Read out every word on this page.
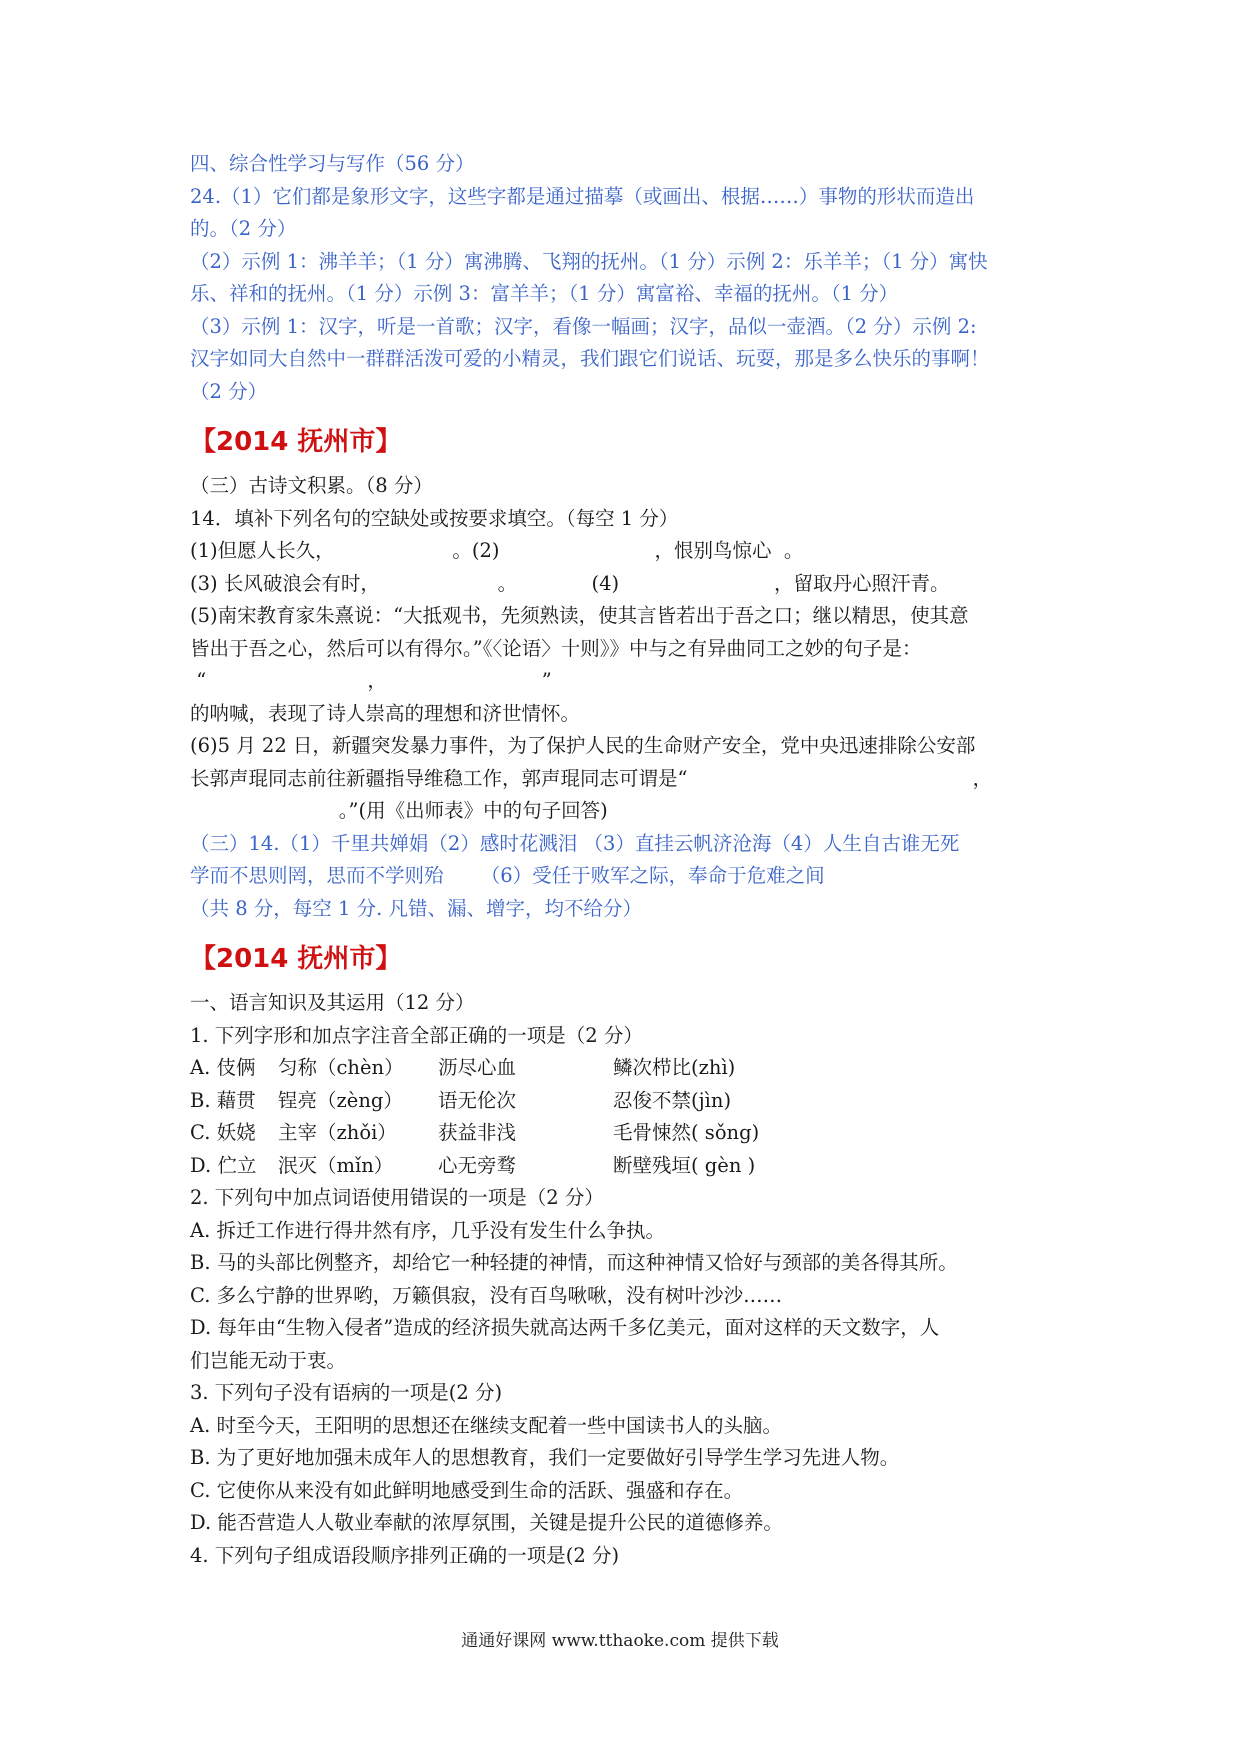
四、综合性学习与写作（56 分）

24.（1）它们都是象形文字，这些字都是通过描摹（或画出、根据……）事物的形状而造出

的。（2 分）

（2）示例 1：沸羊羊；（1 分）寓沸腾、飞翔的抚州。（1 分）示例 2：乐羊羊；（1 分）寓快

乐、祥和的抚州。（1 分）示例 3：富羊羊；（1 分）寓富裕、幸福的抚州。（1 分）

（3）示例 1：汉字，听是一首歌；汉字，看像一幅画；汉字，品似一壶酒。（2 分）示例 2:

汉字如同大自然中一群群活泼可爱的小精灵，我们跟它们说话、玩耍，那是多么快乐的事啊！

（2 分）

【2014 抚州市】

（三）古诗文积累。（8 分）

14．填补下列名句的空缺处或按要求填空。（每空 1 分）

(1)但愿人长久，                   。(2)                         ，恨别鸟惊心  。

(3) 长风破浪会有时，                   。            (4)                         ，留取丹心照汗青。

(5)南宋教育家朱熹说：“大抵观书，先须熟读，使其言皆若出于吾之口；继以精思，使其意

皆出于吾之心，然后可以有得尔。”《〈论语〉十则》》中与之有异曲同工之妙的句子是：

“                          ，                         ”

的呐喊，表现了诗人崇高的理想和济世情怀。

(6)5 月 22 日，新疆突发暴力事件，为了保护人民的生命财产安全，党中央迅速排除公安部

长郭声琨同志前往新疆指导维稳工作，郭声琨同志可谓是“                                              ，

。”(用《出师表》中的句子回答)

（三）14.（1）千里共婵娟（2）感时花溅泪 （3）直挂云帆济沧海（4）人生自古谁无死

学而不思则罔，思而不学则殆      （6）受任于败军之际，奉命于危难之间

（共 8 分，每空 1 分. 凡错、漏、增字，均不给分）

【2014 抚州市】

一、语言知识及其运用（12 分）

1. 下列字形和加点字注音全部正确的一项是（2 分）

A. 伎俩	匀称（chèn）	沥尽心血	鳞次栉比(zhì)
B. 藉贯	锃亮（zèng）	语无伦次	忍俊不禁(jìn)
C. 妖娆	主宰（zhǒi）	获益非浅	毛骨悚然( sǒng)
D. 伫立	泯灭（mǐn）	心无旁骛	断壁残垣( gèn )

2. 下列句中加点词语使用错误的一项是（2 分）

A. 拆迁工作进行得井然有序，几乎没有发生什么争执。

B. 马的头部比例整齐，却给它一种轻捷的神情，而这种神情又恰好与颈部的美各得其所。

C. 多么宁静的世界哟，万籁俱寂，没有百鸟啾啾，没有树叶沙沙……

D. 每年由“生物入侵者”造成的经济损失就高达两千多亿美元，面对这样的天文数字，人

们岂能无动于衷。

3. 下列句子没有语病的一项是(2 分)

A. 时至今天，王阳明的思想还在继续支配着一些中国读书人的头脑。

B. 为了更好地加强未成年人的思想教育，我们一定要做好引导学生学习先进人物。

C. 它使你从来没有如此鲜明地感受到生命的活跃、强盛和存在。

D. 能否营造人人敬业奉献的浓厚氛围，关键是提升公民的道德修养。

4. 下列句子组成语段顺序排列正确的一项是(2 分)

通通好课网 www.tthaoke.com 提供下载
